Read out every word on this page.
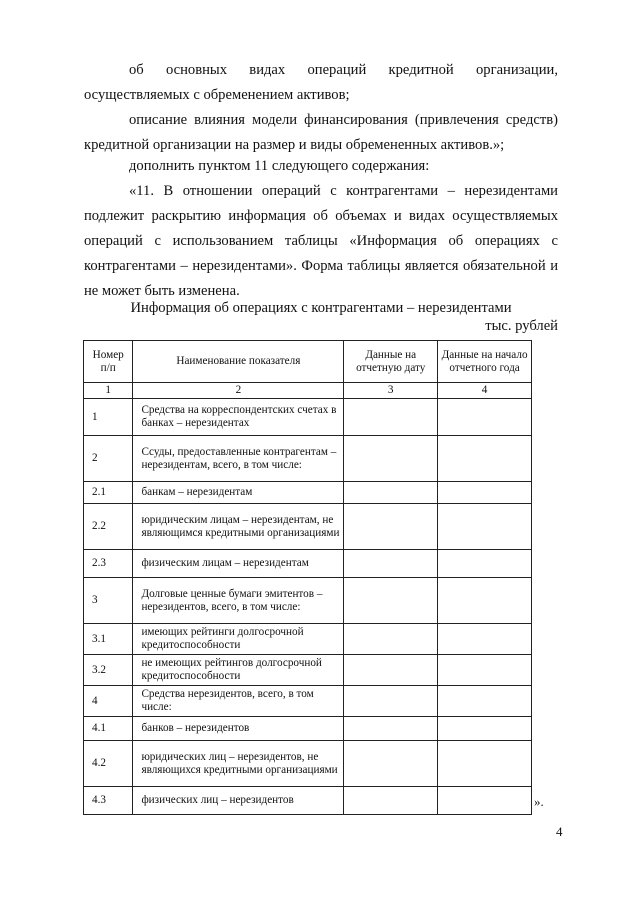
об основных видах операций кредитной организации,

осуществляемых с обременением активов;

описание влияния модели финансирования (привлечения средств) кредитной организации на размер и виды обремененных активов.»;

дополнить пунктом 11 следующего содержания:

«11. В отношении операций с контрагентами – нерезидентами подлежит раскрытию информация об объемах и видах осуществляемых операций с использованием таблицы «Информация об операциях с контрагентами – нерезидентами». Форма таблицы является обязательной и не может быть изменена.

Информация об операциях с контрагентами – нерезидентами
тыс. рублей
Номер п/п	Наименование показателя	Данные на отчетную дату	Данные на начало отчетного года
1	2	3	4
1	Средства на корреспондентских счетах в банках – нерезидентах		
2	Ссуды, предоставленные контрагентам – нерезидентам, всего, в том числе:		
2.1	банкам – нерезидентам		
2.2	юридическим лицам – нерезидентам, не являющимся кредитными организациями		
2.3	физическим лицам – нерезидентам		
3	Долговые ценные бумаги эмитентов – нерезидентов, всего, в том числе:		
3.1	имеющих рейтинги долгосрочной кредитоспособности		
3.2	не имеющих рейтингов долгосрочной кредитоспособности		
4	Средства нерезидентов, всего, в том числе:		
4.1	банков – нерезидентов		
4.2	юридических лиц – нерезидентов, не являющихся кредитными организациями		
4.3	физических лиц – нерезидентов			».
4
